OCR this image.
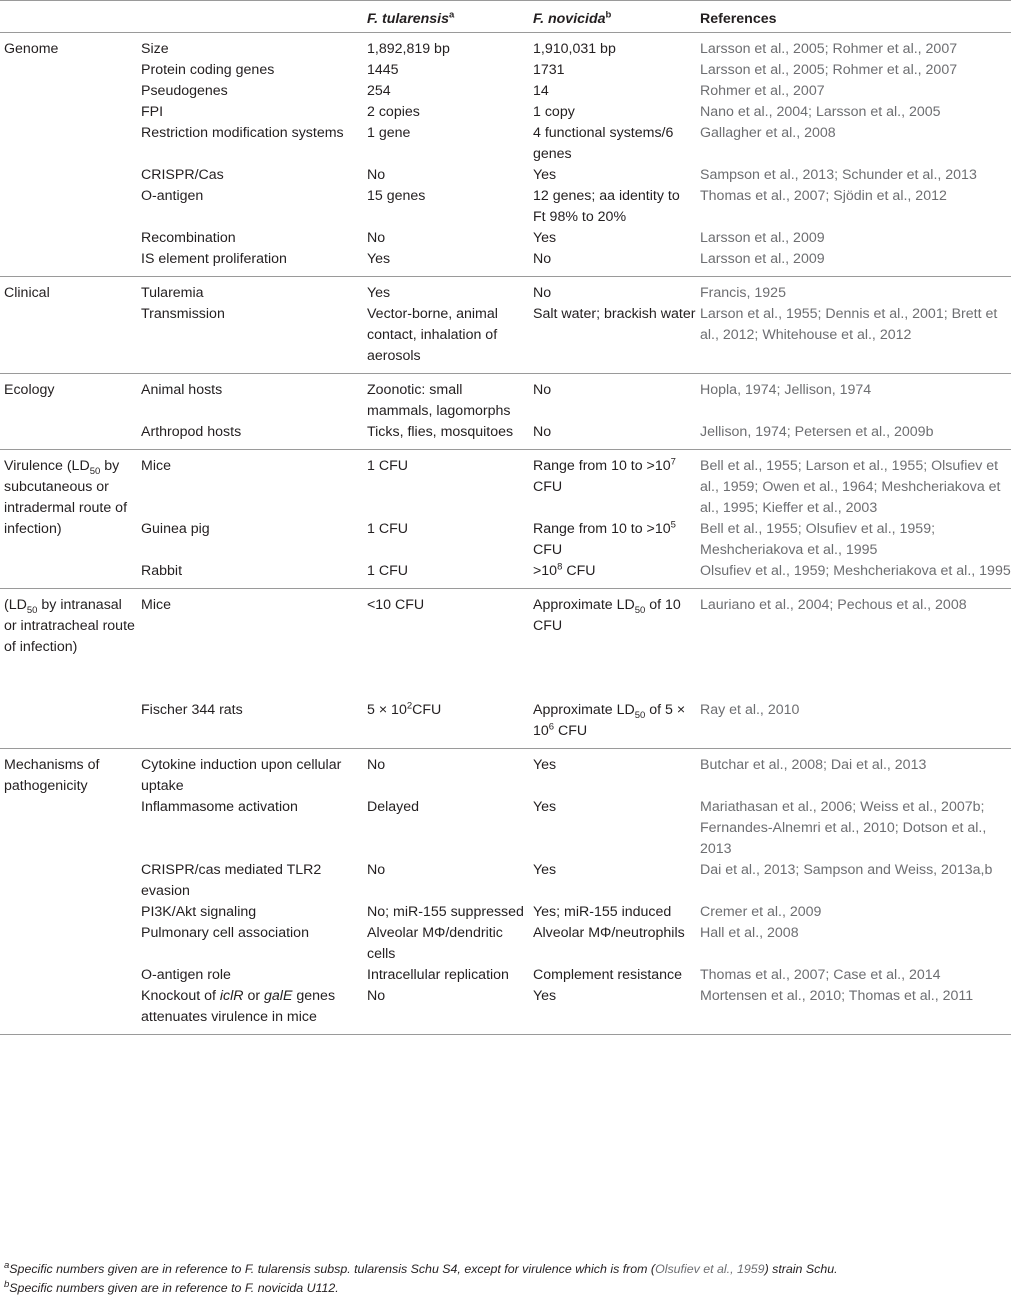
		F. tularensis$^a$	F. novicida$^b$	References
Genome	Size	1,892,819 bp	1,910,031 bp	Larsson et al., 2005; Rohmer et al., 2007
	Protein coding genes	1445	1731	Larsson et al., 2005; Rohmer et al., 2007
	Pseudogenes	254	14	Rohmer et al., 2007
	FPI	2 copies	1 copy	Nano et al., 2004; Larsson et al., 2005
	Restriction modification systems	1 gene	4 functional systems/6 genes	Gallagher et al., 2008
	CRISPR/Cas	No	Yes	Sampson et al., 2013; Schunder et al., 2013
	O-antigen	15 genes	12 genes; aa identity to Ft 98% to 20%	Thomas et al., 2007; Sjödin et al., 2012
	Recombination	No	Yes	Larsson et al., 2009
	IS element proliferation	Yes	No	Larsson et al., 2009
Clinical	Tularemia	Yes	No	Francis, 1925
	Transmission	Vector-borne, animal contact, inhalation of aerosols	Salt water; brackish water	Larson et al., 1955; Dennis et al., 2001; Brett et al., 2012; Whitehouse et al., 2012
Ecology	Animal hosts	Zoonotic: small mammals, lagomorphs	No	Hopla, 1974; Jellison, 1974
	Arthropod hosts	Ticks, flies, mosquitoes	No	Jellison, 1974; Petersen et al., 2009b
Virulence ($LD_{50}$ by subcutaneous or intradermal route of infection)	Mice	1 CFU	Range from 10 to $>10^7$ CFU	Bell et al., 1955; Larson et al., 1955; Olsufiev et al., 1959; Owen et al., 1964; Meshcheriakova et al., 1995; Kieffer et al., 2003
	Guinea pig	1 CFU	Range from 10 to $>10^5$ CFU	Bell et al., 1955; Olsufiev et al., 1959; Meshcheriakova et al., 1995
	Rabbit	1 CFU	$>10^8$ CFU	Olsufiev et al., 1959; Meshcheriakova et al., 1995
($LD_{50}$ by intranasal or intratracheal route of infection)	Mice	<10 CFU	Approximate $LD_{50}$ of 10 CFU	Lauriano et al., 2004; Pechous et al., 2008
	Fischer 344 rats	$5 \times 10^2CFU$	Approximate $LD_{50}$ of $5 \times 10^6$ CFU	Ray et al., 2010
Mechanisms of pathogenicity	Cytokine induction upon cellular uptake	No	Yes	Butchar et al., 2008; Dai et al., 2013
	Inflammasome activation	Delayed	Yes	Mariathasan et al., 2006; Weiss et al., 2007b; Fernandes-Alnemri et al., 2010; Dotson et al., 2013
	CRISPR/cas mediated TLR2 evasion	No	Yes	Dai et al., 2013; Sampson and Weiss, 2013a,b
	PI3K/Akt signaling	No; miR-155 suppressed	Yes; miR-155 induced	Cremer et al., 2009
	Pulmonary cell association	Alveolar MΦ/dendritic cells	Alveolar MΦ/neutrophils	Hall et al., 2008
	O-antigen role	Intracellular replication	Complement resistance	Thomas et al., 2007; Case et al., 2014
	Knockout of iclR or galE genes attenuates virulence in mice	No	Yes	Mortensen et al., 2010; Thomas et al., 2011
$^a$Specific numbers given are in reference to F. tularensis subsp. tularensis Schu S4, except for virulence which is from (Olsufiev et al., 1959) strain Schu.
$^b$Specific numbers given are in reference to F. novicida U112.
